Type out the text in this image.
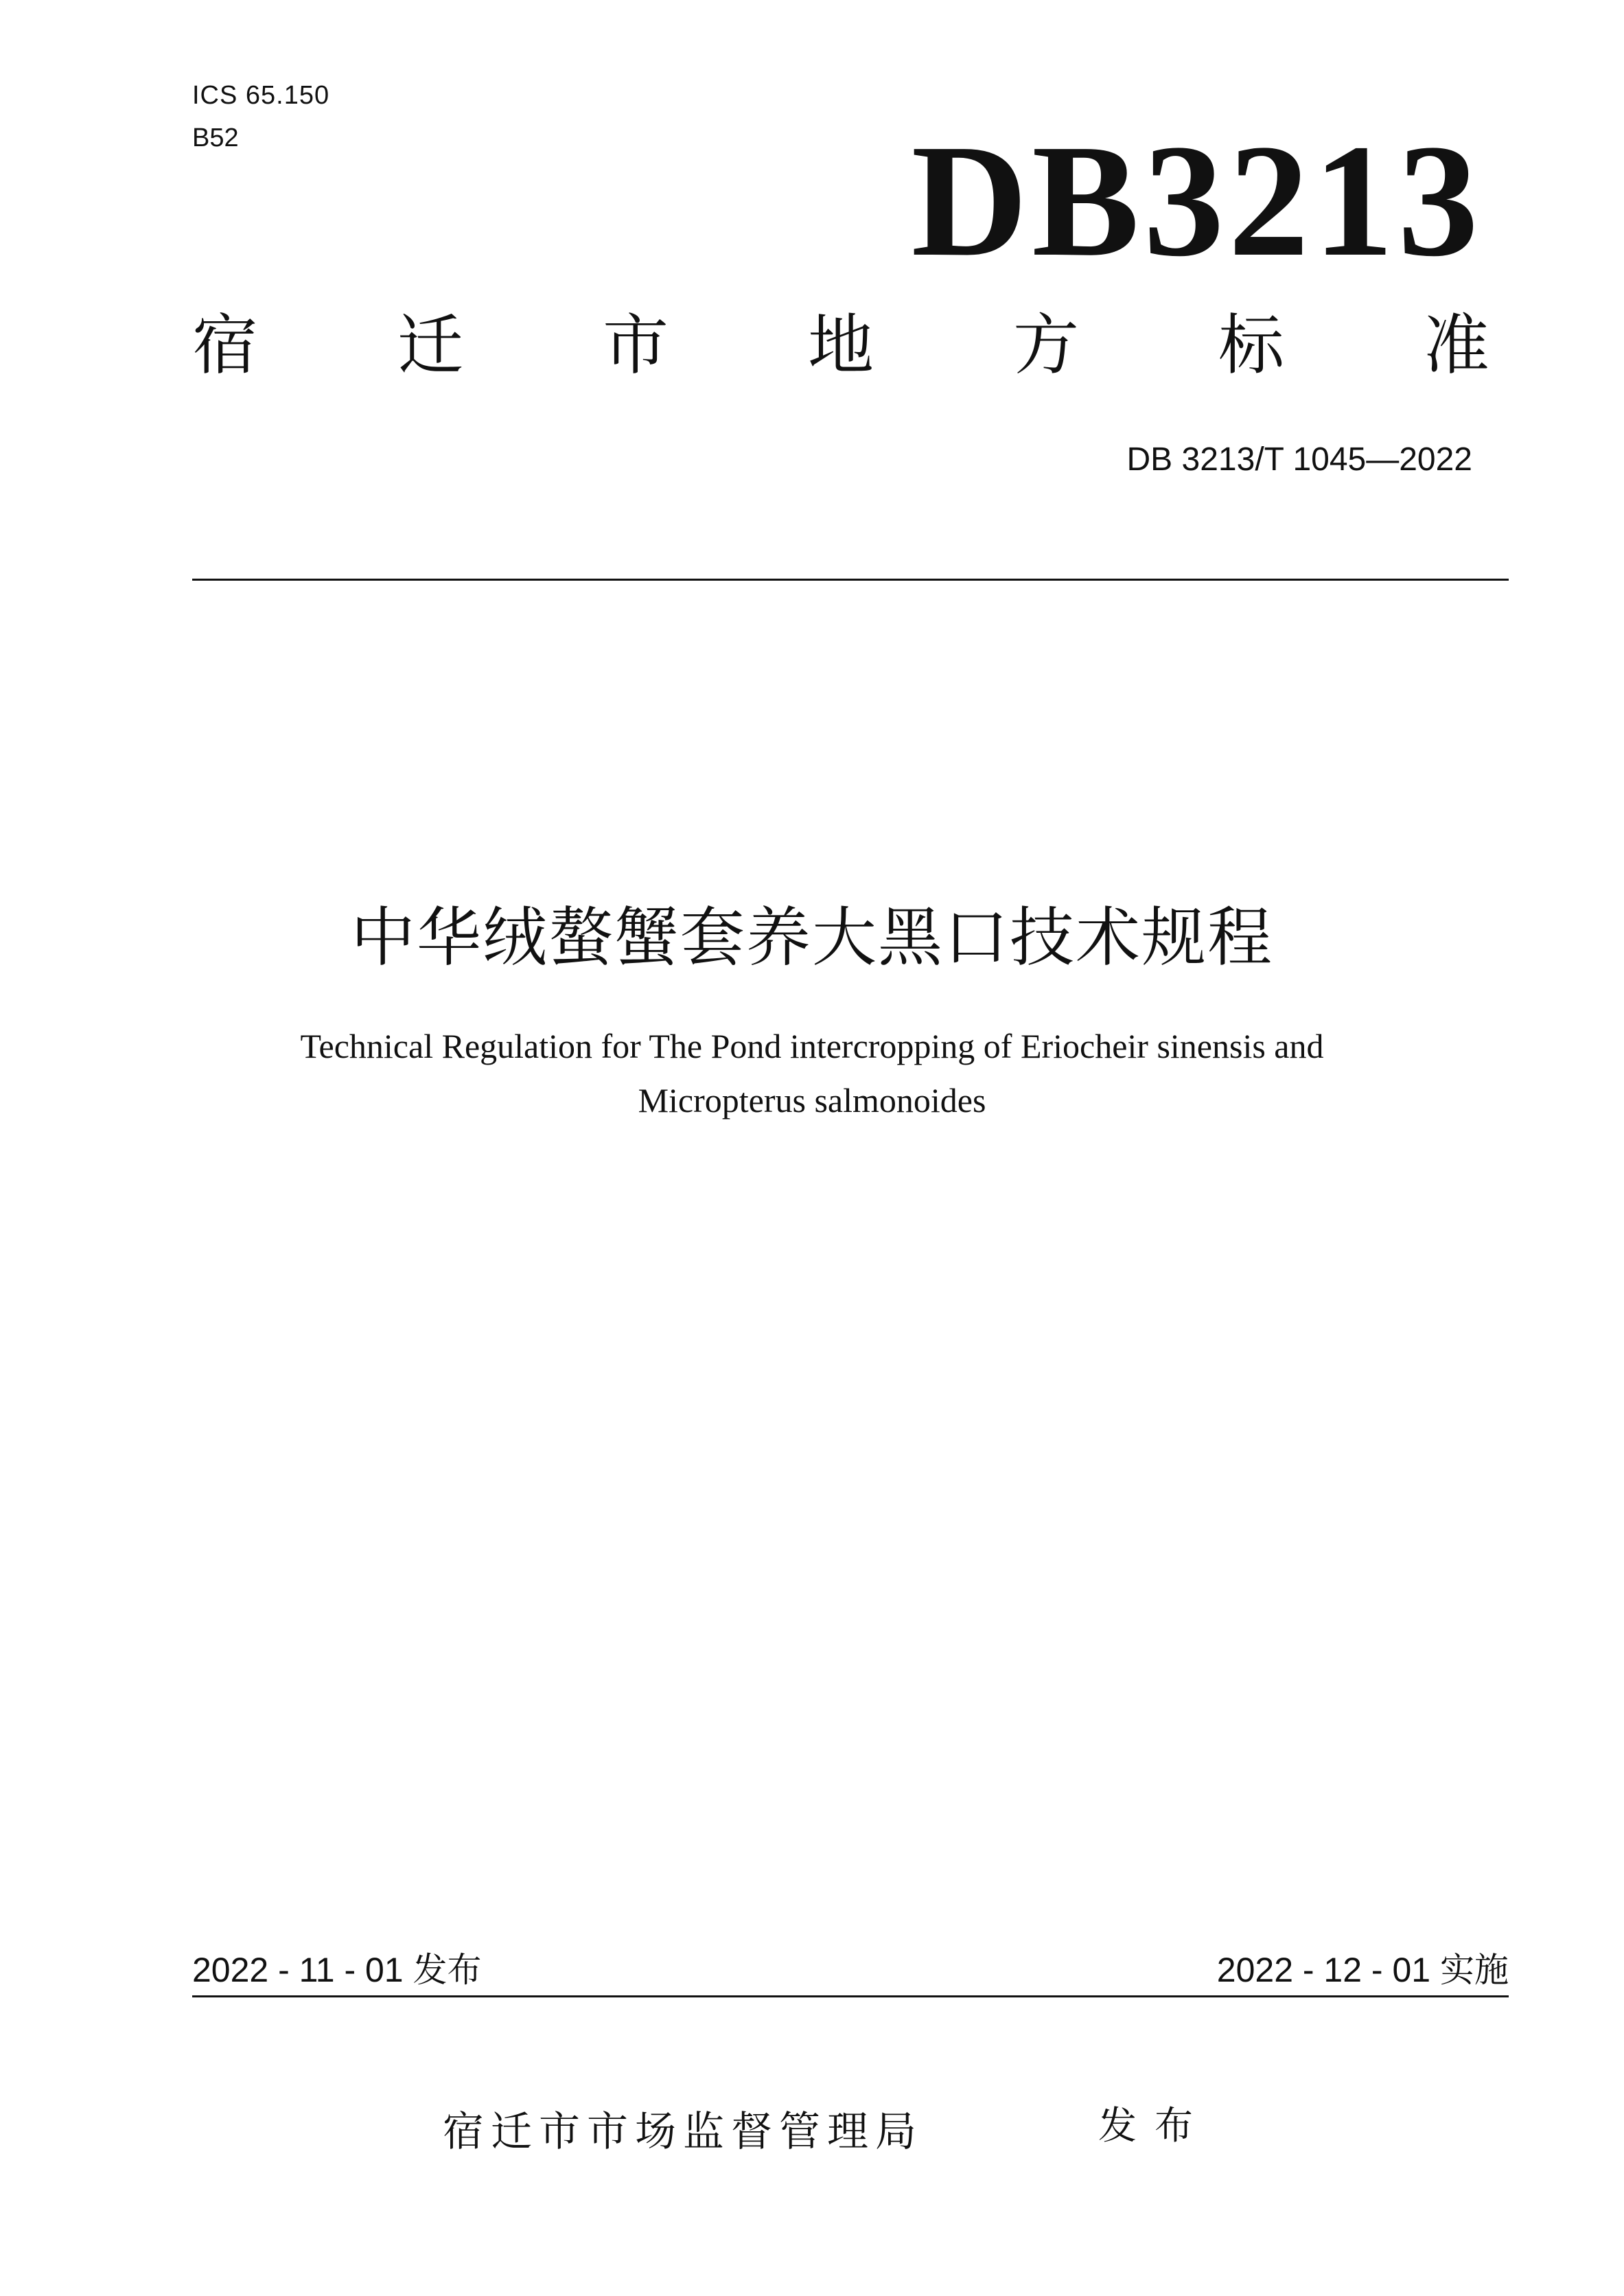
ICS 65.150
B52	DB3213
宿 迁 市 地 方 标 准
DB 3213/T 1045—2022
中华绒螯蟹套养大黑口技术规程
Technical Regulation for The Pond intercropping of Eriocheir sinensis and
Micropterus salmonoides
2022 - 11 - 01 发布	2022 - 12 - 01 实施
宿迁市市场监督管理局	发布
